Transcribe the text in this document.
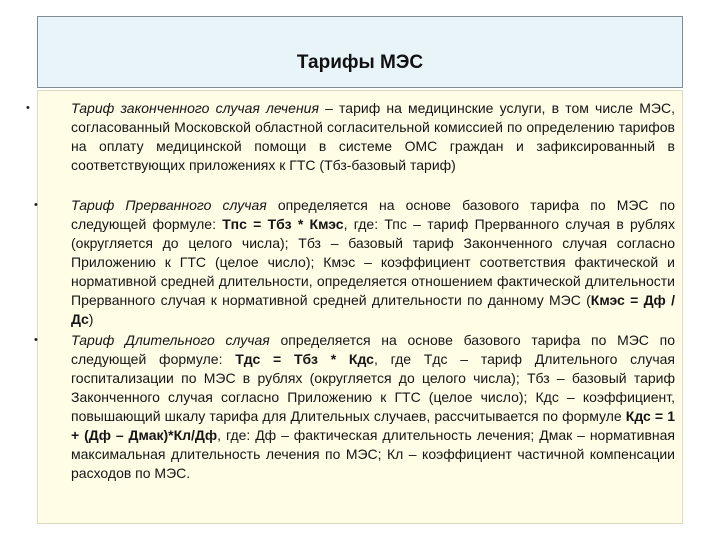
Тарифы МЭС
•	Тариф законченного случая лечения – тариф на медицинские услуги, в том числе МЭС, согласованный Московской областной согласительной комиссией по определению тарифов на оплату медицинской помощи в системе ОМС граждан и зафиксированный в соответствующих приложениях к ГТС (Тбз-базовый тариф)
• Тариф Прерванного случая определяется на основе базового тарифа по МЭС по следующей формуле: Тпс = Тбз * Кмэс, где: Тпс – тариф Прерванного случая в рублях (округляется до целого числа); Тбз – базовый тариф Законченного случая согласно Приложению к ГТС (целое число); Кмэс – коэффициент соответствия фактической и нормативной средней длительности, определяется отношением фактической длительности Прерванного случая к нормативной средней длительности по данному МЭС (Кмэс = Дф / Дс)
• Тариф Длительного случая определяется на основе базового тарифа по МЭС по следующей формуле: Тдс = Тбз * Кдс, где Тдс – тариф Длительного случая госпитализации по МЭС в рублях (округляется до целого числа); Тбз – базовый тариф Законченного случая согласно Приложению к ГТС (целое число); Кдс – коэффициент, повышающий шкалу тарифа для Длительных случаев, рассчитывается по формуле Кдс = 1 + (Дф – Дмак)*Кл/Дф, где: Дф – фактическая длительность лечения; Дмак – нормативная максимальная длительность лечения по МЭС; Кл – коэффициент частичной компенсации расходов по МЭС.
